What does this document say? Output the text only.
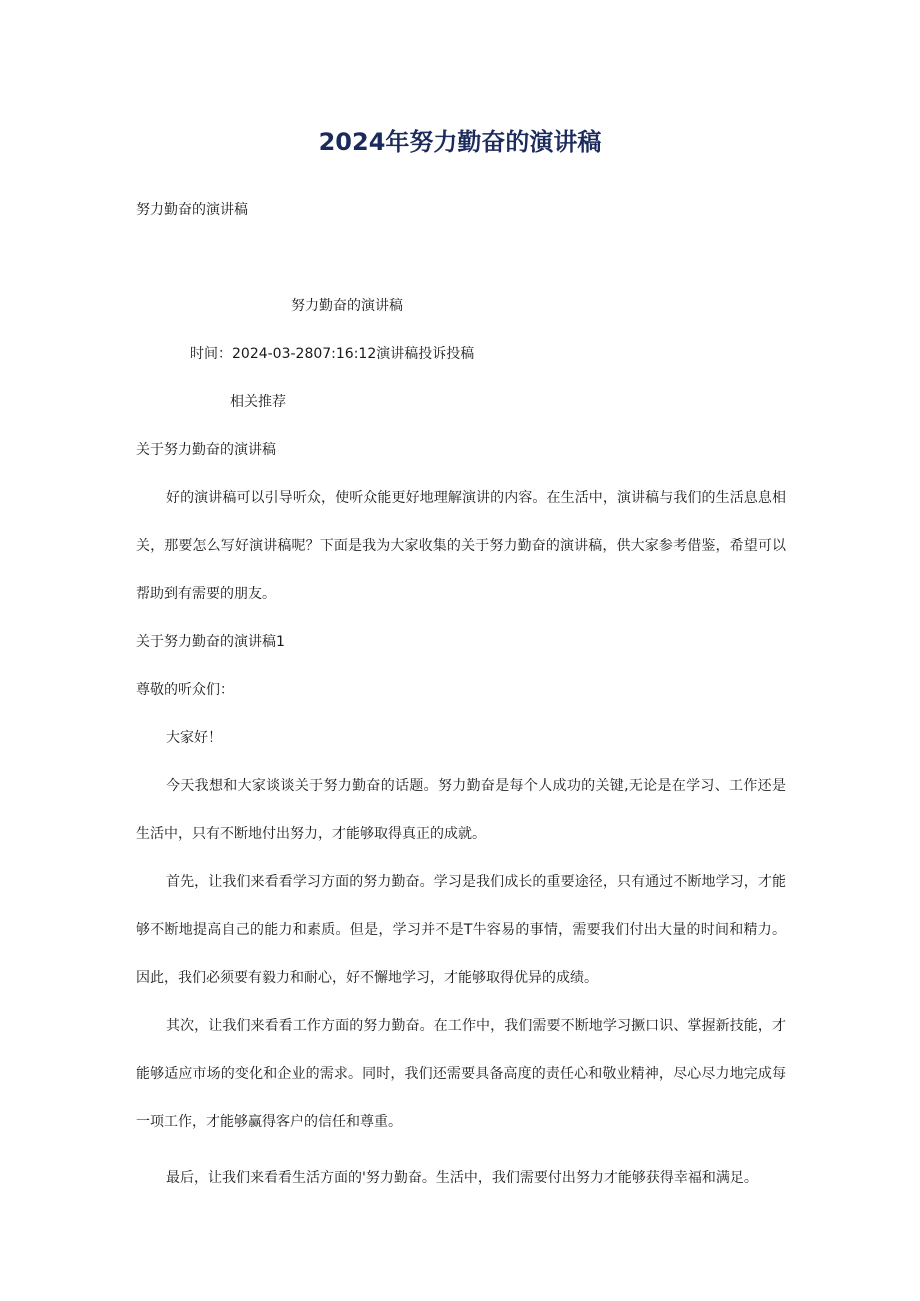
2024年努力勤奋的演讲稿
努力勤奋的演讲稿
努力勤奋的演讲稿
时间：2024-03-2807:16:12演讲稿投诉投稿
相关推荐
关于努力勤奋的演讲稿
好的演讲稿可以引导听众，使听众能更好地理解演讲的内容。在生活中，演讲稿与我们的生活息息相关，那要怎么写好演讲稿呢？下面是我为大家收集的关于努力勤奋的演讲稿，供大家参考借鉴，希望可以帮助到有需要的朋友。
关于努力勤奋的演讲稿1
尊敬的听众们：
大家好！
今天我想和大家谈谈关于努力勤奋的话题。努力勤奋是每个人成功的关键,无论是在学习、工作还是生活中，只有不断地付出努力，才能够取得真正的成就。
首先，让我们来看看学习方面的努力勤奋。学习是我们成长的重要途径，只有通过不断地学习，才能够不断地提高自己的能力和素质。但是，学习并不是T牛容易的事情，需要我们付出大量的时间和精力。因此，我们必须要有毅力和耐心，好不懈地学习，才能够取得优异的成绩。
其次，让我们来看看工作方面的努力勤奋。在工作中，我们需要不断地学习撅口识、掌握新技能，才能够适应市场的变化和企业的需求。同时，我们还需要具备高度的责任心和敬业精神，尽心尽力地完成每一项工作，才能够赢得客户的信任和尊重。
最后，让我们来看看生活方面的'努力勤奋。生活中，我们需要付出努力才能够获得幸福和满足。
